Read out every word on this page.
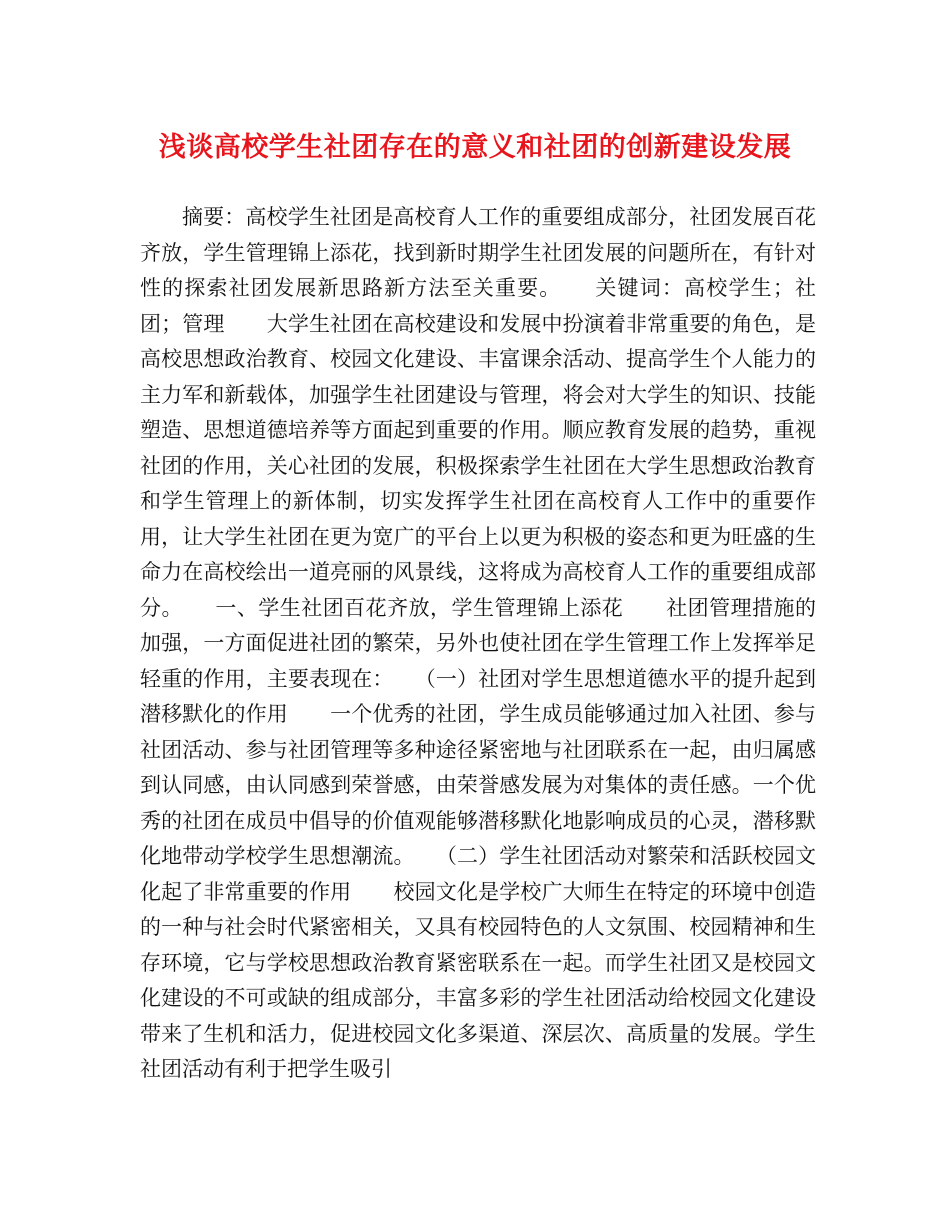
浅谈高校学生社团存在的意义和社团的创新建设发展

摘要：高校学生社团是高校育人工作的重要组成部分，社团发展百花齐放，学生管理锦上添花，找到新时期学生社团发展的问题所在，有针对性的探索社团发展新思路新方法至关重要。　　关键词：高校学生；社团；管理　　大学生社团在高校建设和发展中扮演着非常重要的角色，是高校思想政治教育、校园文化建设、丰富课余活动、提高学生个人能力的主力军和新载体，加强学生社团建设与管理，将会对大学生的知识、技能塑造、思想道德培养等方面起到重要的作用。顺应教育发展的趋势，重视社团的作用，关心社团的发展，积极探索学生社团在大学生思想政治教育和学生管理上的新体制，切实发挥学生社团在高校育人工作中的重要作用，让大学生社团在更为宽广的平台上以更为积极的姿态和更为旺盛的生命力在高校绘出一道亮丽的风景线，这将成为高校育人工作的重要组成部分。　　一、学生社团百花齐放，学生管理锦上添花　　社团管理措施的加强，一方面促进社团的繁荣，另外也使社团在学生管理工作上发挥举足轻重的作用，主要表现在：　　（一）社团对学生思想道德水平的提升起到潜移默化的作用　　一个优秀的社团，学生成员能够通过加入社团、参与社团活动、参与社团管理等多种途径紧密地与社团联系在一起，由归属感到认同感，由认同感到荣誉感，由荣誉感发展为对集体的责任感。一个优秀的社团在成员中倡导的价值观能够潜移默化地影响成员的心灵，潜移默化地带动学校学生思想潮流。　　（二）学生社团活动对繁荣和活跃校园文化起了非常重要的作用　　校园文化是学校广大师生在特定的环境中创造的一种与社会时代紧密相关，又具有校园特色的人文氛围、校园精神和生存环境，它与学校思想政治教育紧密联系在一起。而学生社团又是校园文化建设的不可或缺的组成部分，丰富多彩的学生社团活动给校园文化建设带来了生机和活力，促进校园文化多渠道、深层次、高质量的发展。学生社团活动有利于把学生吸引
